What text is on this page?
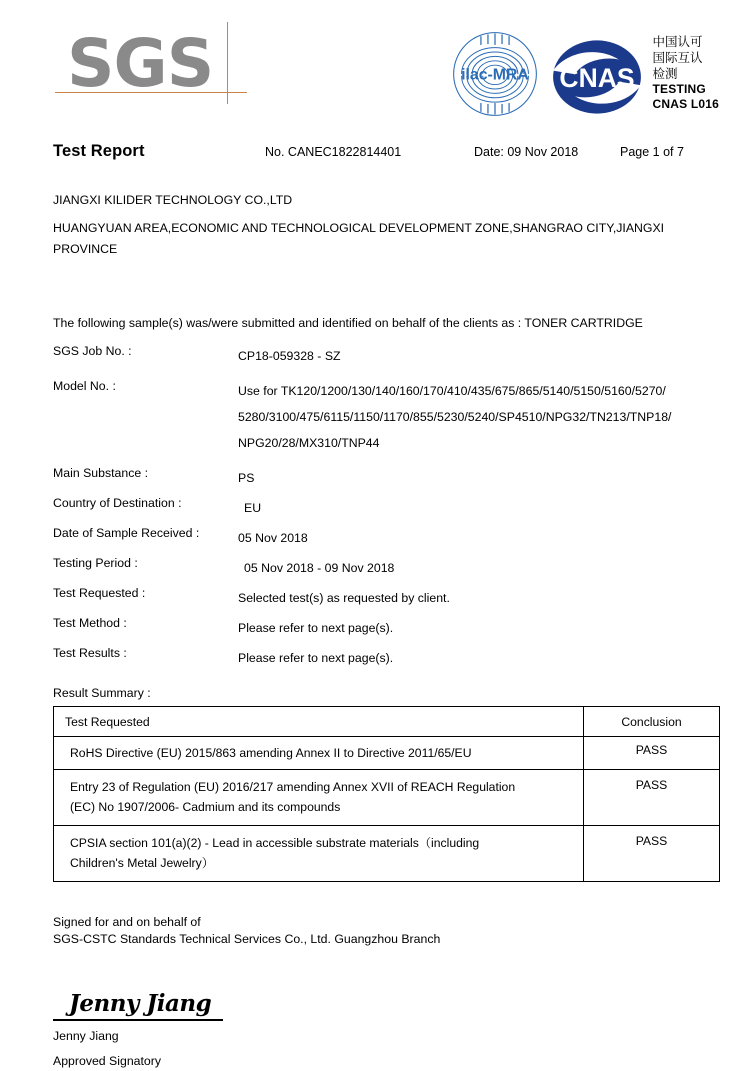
SGS	ilac-MRA CNAS
中国认可
国际互认
检测
TESTING
CNAS L016
Test Report	No. CANEC1822814401	Date: 09 Nov 2018	Page 1 of 7
JIANGXI KILIDER TECHNOLOGY CO.,LTD
HUANGYUAN AREA,ECONOMIC AND TECHNOLOGICAL DEVELOPMENT ZONE,SHANGRAO CITY,JIANGXI PROVINCE
The following sample(s) was/were submitted and identified on behalf of the clients as : TONER CARTRIDGE
SGS Job No. :	CP18-059328 - SZ
Model No. :	Use for TK120/1200/130/140/160/170/410/435/675/865/5140/5150/5160/5270/
5280/3100/475/6115/1150/1170/855/5230/5240/SP4510/NPG32/TN213/TNP18/
NPG20/28/MX310/TNP44
Main Substance :	PS
Country of Destination :	EU
Date of Sample Received :	05 Nov 2018
Testing Period :	05 Nov 2018 - 09 Nov 2018
Test Requested :	Selected test(s) as requested by client.
Test Method :	Please refer to next page(s).
Test Results :	Please refer to next page(s).
Result Summary :
Test Requested	Conclusion
RoHS Directive (EU) 2015/863 amending Annex II to Directive 2011/65/EU	PASS

Entry 23 of Regulation (EU) 2016/217 amending Annex XVII of REACH Regulation
(EC) No 1907/2006- Cadmium and its compounds	PASS

CPSIA section 101(a)(2) - Lead in accessible substrate materials（including
Children's Metal Jewelry）	PASS
Signed for and on behalf of
SGS-CSTC Standards Technical Services Co., Ltd. Guangzhou Branch
Jenny Jiang
Jenny Jiang
Approved Signatory
